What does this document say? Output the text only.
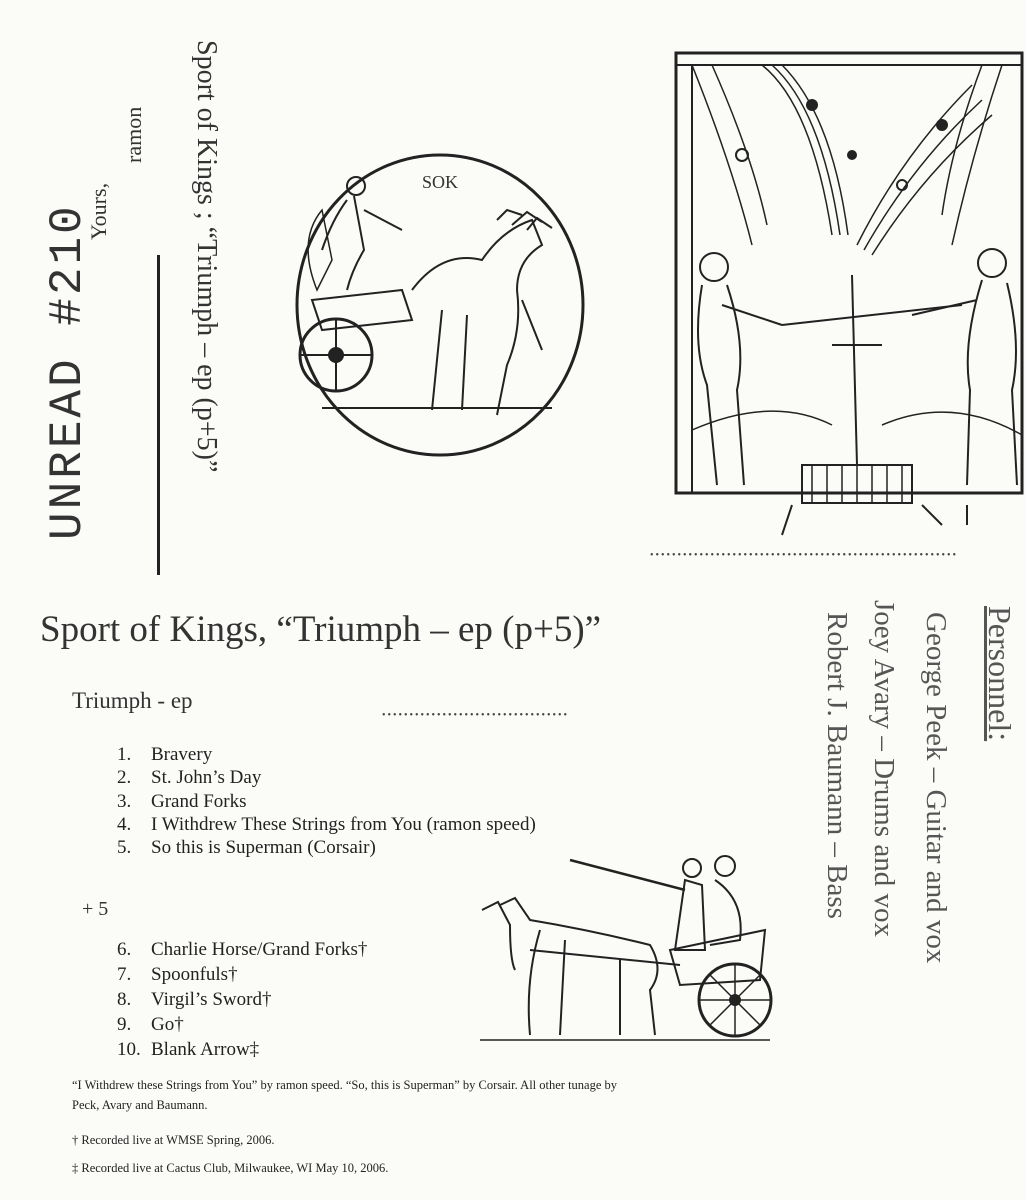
UNREAD #210
Yours,
ramon Sport of Kings ; “Triumph – ep (p+5)”	SOK
••••••••••••••••••••••••••••••••••••••••••••••••••••••••
Sport of Kings, “Triumph – ep (p+5)”
Triumph - ep
••••••••••••••••••••••••••••••••••
1. Bravery
2. St. John’s Day
3. Grand Forks
4. I Withdrew These Strings from You (ramon speed)
5. So this is Superman (Corsair)
+ 5
6. Charlie Horse/Grand Forks†
7. Spoonfuls†
8. Virgil’s Sword†
9. Go†
10. Blank Arrow‡
“I Withdrew these Strings from You” by ramon speed. “So, this is Superman” by Corsair. All other tunage by
Peck, Avary and Baumann.
† Recorded live at WMSE Spring, 2006.
‡ Recorded live at Cactus Club, Milwaukee, WI May 10, 2006.
Personnel:
George Peek – Guitar and vox
Joey Avary – Drums and vox
Robert J. Baumann – Bass
